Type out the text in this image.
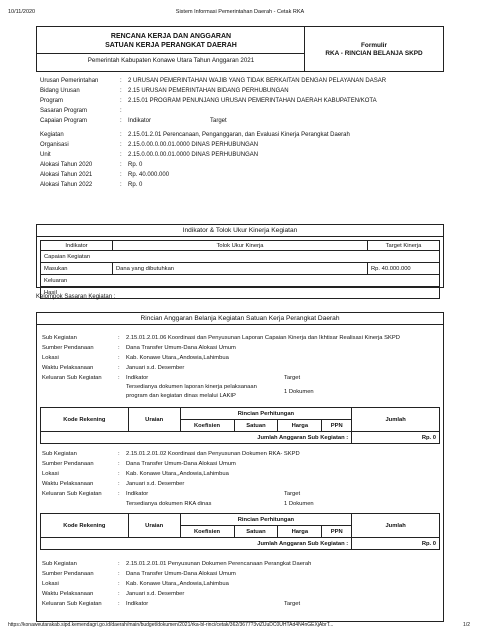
10/11/2020	Sistem Informasi Pemerintahan Daerah - Cetak RKA
RENCANA KERJA DAN ANGGARAN
SATUAN KERJA PERANGKAT DAERAH
Pemerintah Kabupaten Konawe Utara Tahun Anggaran 2021
Formulir
RKA - RINCIAN BELANJA SKPD
Urusan Pemerintahan	: 2 URUSAN PEMERINTAHAN WAJIB YANG TIDAK BERKAITAN DENGAN PELAYANAN DASAR
Bidang Urusan	: 2.15 URUSAN PEMERINTAHAN BIDANG PERHUBUNGAN
Program	: 2.15.01 PROGRAM PENUNJANG URUSAN PEMERINTAHAN DAERAH KABUPATEN/KOTA
Sasaran Program	:
Capaian Program	: Indikator	Target
Kegiatan	: 2.15.01.2.01 Perencanaan, Penganggaran, dan Evaluasi Kinerja Perangkat Daerah
Organisasi	: 2.15.0.00.0.00.01.0000 DINAS PERHUBUNGAN
Unit	: 2.15.0.00.0.00.01.0000 DINAS PERHUBUNGAN
Alokasi Tahun 2020	: Rp. 0
Alokasi Tahun 2021	: Rp. 40.000.000
Alokasi Tahun 2022	: Rp. 0
Indikator & Tolok Ukur Kinerja Kegiatan
Indikator	Tolok Ukur Kinerja	Target Kinerja
Capaian Kegiatan		
Masukan	Dana yang dibutuhkan	Rp. 40.000.000
Keluaran		
Hasil		
Kelompok Sasaran Kegiatan :
Rincian Anggaran Belanja Kegiatan Satuan Kerja Perangkat Daerah
Sub Kegiatan	: 2.15.01.2.01.06 Koordinasi dan Penyusunan Laporan Capaian Kinerja dan Ikhtisar Realisasi Kinerja SKPD
Sumber Pendanaan	: Dana Transfer Umum-Dana Alokasi Umum
Lokasi	: Kab. Konawe Utara,,Andowia,Lahimbua
Waktu Pelaksanaan	: Januari s.d. Desember
Keluaran Sub Kegiatan	: Indikator	Target
Tersedianya dokumen laporan kinerja pelaksanaan
1 Dokumen
program dan kegiatan dinas melalui LAKIP
Kode Rekening	Uraian	Rincian Perhitungan				Jumlah
		Koefisien	Satuan	Harga	PPN	
Jumlah Anggaran Sub Kegiatan :						Rp. 0
Sub Kegiatan	: 2.15.01.2.01.02 Koordinasi dan Penyusunan Dokumen RKA- SKPD
Sumber Pendanaan	: Dana Transfer Umum-Dana Alokasi Umum
Lokasi	: Kab. Konawe Utara,,Andowia,Lahimbua
Waktu Pelaksanaan	: Januari s.d. Desember
Keluaran Sub Kegiatan	: Indikator	Target
Tersedianya dokumen RKA dinas	1 Dokumen
Kode Rekening	Uraian	Rincian Perhitungan				Jumlah
		Koefisien	Satuan	Harga	PPN	
Jumlah Anggaran Sub Kegiatan :						Rp. 0
Sub Kegiatan	: 2.15.01.2.01.01 Penyusunan Dokumen Perencanaan Perangkat Daerah
Sumber Pendanaan	: Dana Transfer Umum-Dana Alokasi Umum
Lokasi	: Kab. Konawe Utara,,Andowia,Lahimbua
Waktu Pelaksanaan	: Januari s.d. Desember
Keluaran Sub Kegiatan	: Indikator	Target
https://konaweutarakab.sipd.kemendagri.go.id/daerah/main/budget/dokumen/2021/rka-bl-rinci/cetak/362/3677?3viZUuDC0UHTAd4N4nGEXjAbrT...	1/2
